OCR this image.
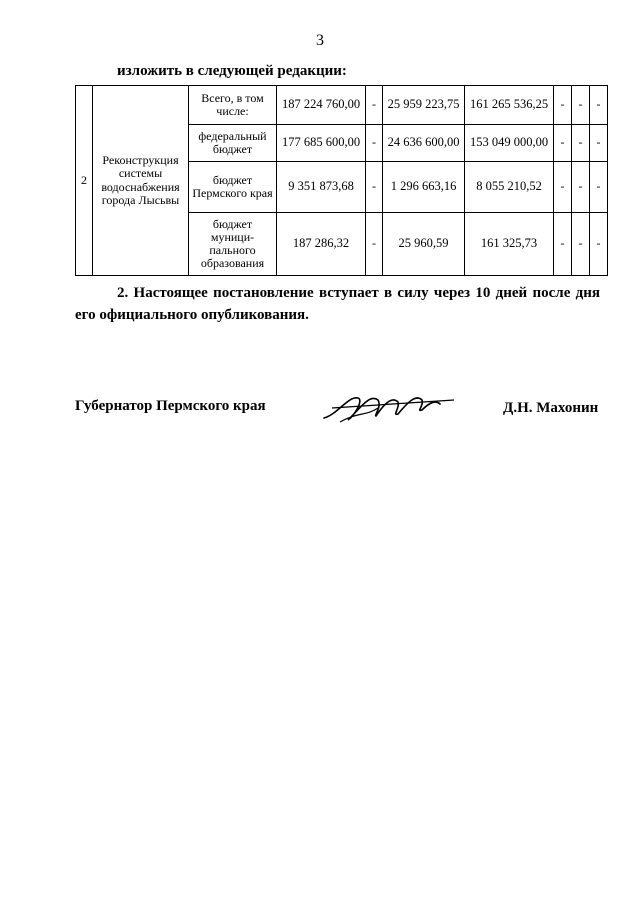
3
изложить в следующей редакции:
2	Реконструкция системы водоснабжения города Лысьвы	Всего, в том числе:	187 224 760,00	-	25 959 223,75	161 265 536,25	-	-	-
		федеральный бюджет	177 685 600,00	-	24 636 600,00	153 049 000,00	-	-	-
		бюджет Пермского края	9 351 873,68	-	1 296 663,16	8 055 210,52	-	-	-
		бюджет муници-пального образования	187 286,32	-	25 960,59	161 325,73	-	-	-
2. Настоящее постановление вступает в силу через 10 дней после дня его официального опубликования.
Губернатор Пермского края	Д.Н. Махонин
